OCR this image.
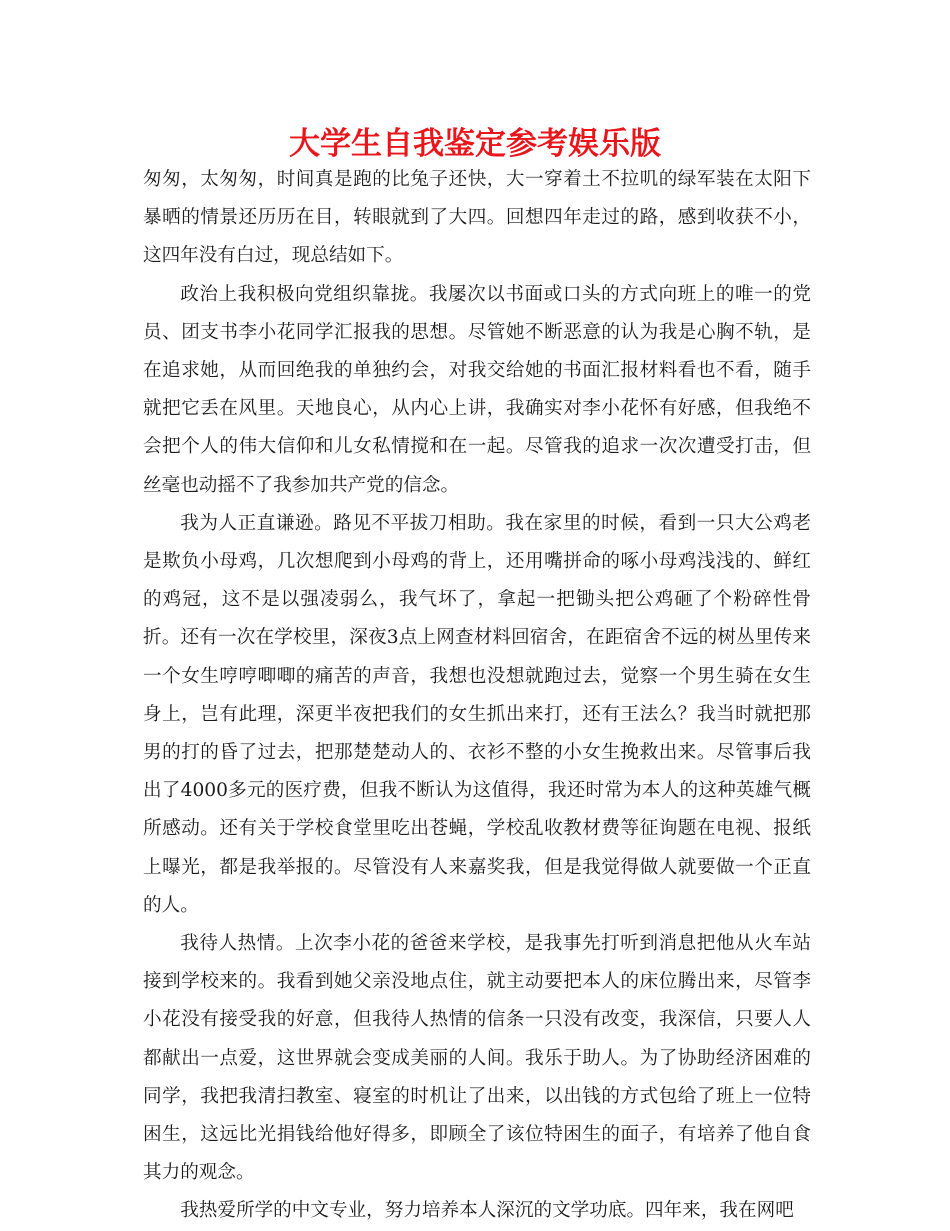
大学生自我鉴定参考娱乐版

匆匆，太匆匆，时间真是跑的比兔子还快，大一穿着土不拉叽的绿军装在太阳下暴晒的情景还历历在目，转眼就到了大四。回想四年走过的路，感到收获不小，这四年没有白过，现总结如下。

政治上我积极向党组织靠拢。我屡次以书面或口头的方式向班上的唯一的党员、团支书李小花同学汇报我的思想。尽管她不断恶意的认为我是心胸不轨，是在追求她，从而回绝我的单独约会，对我交给她的书面汇报材料看也不看，随手就把它丢在风里。天地良心，从内心上讲，我确实对李小花怀有好感，但我绝不会把个人的伟大信仰和儿女私情搅和在一起。尽管我的追求一次次遭受打击，但丝毫也动摇不了我参加共产党的信念。

我为人正直谦逊。路见不平拔刀相助。我在家里的时候，看到一只大公鸡老是欺负小母鸡，几次想爬到小母鸡的背上，还用嘴拼命的啄小母鸡浅浅的、鲜红的鸡冠，这不是以强凌弱么，我气坏了，拿起一把锄头把公鸡砸了个粉碎性骨折。还有一次在学校里，深夜3点上网查材料回宿舍，在距宿舍不远的树丛里传来一个女生哼哼唧唧的痛苦的声音，我想也没想就跑过去，觉察一个男生骑在女生身上，岂有此理，深更半夜把我们的女生抓出来打，还有王法么？我当时就把那男的打的昏了过去，把那楚楚动人的、衣衫不整的小女生挽救出来。尽管事后我出了4000多元的医疗费，但我不断认为这值得，我还时常为本人的这种英雄气概所感动。还有关于学校食堂里吃出苍蝇，学校乱收教材费等征询题在电视、报纸上曝光，都是我举报的。尽管没有人来嘉奖我，但是我觉得做人就要做一个正直的人。

我待人热情。上次李小花的爸爸来学校，是我事先打听到消息把他从火车站接到学校来的。我看到她父亲没地点住，就主动要把本人的床位腾出来，尽管李小花没有接受我的好意，但我待人热情的信条一只没有改变，我深信，只要人人都献出一点爱，这世界就会变成美丽的人间。我乐于助人。为了协助经济困难的同学，我把我清扫教室、寝室的时机让了出来，以出钱的方式包给了班上一位特困生，这远比光捐钱给他好得多，即顾全了该位特困生的面子，有培养了他自食其力的观念。

我热爱所学的中文专业，努力培养本人深沉的文学功底。四年来，我在网吧
